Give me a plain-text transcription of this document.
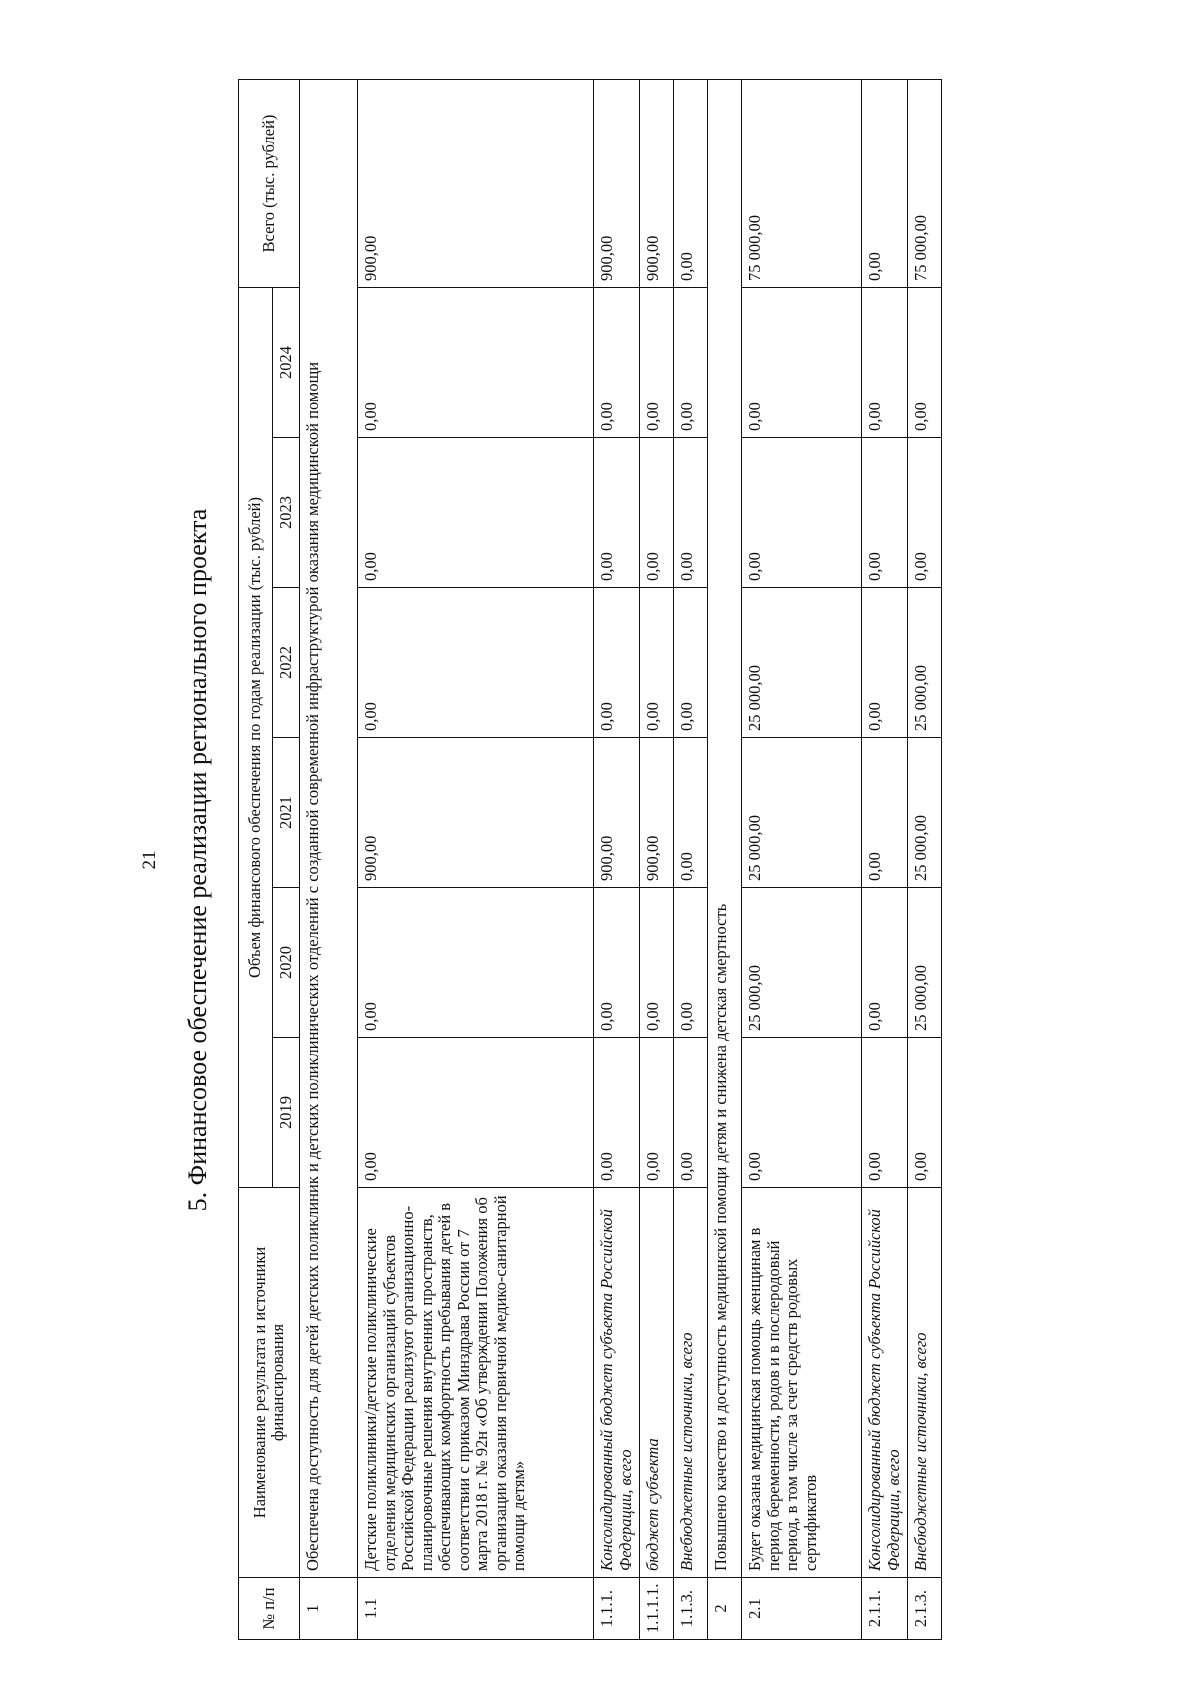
21 5. Финансовое обеспечение реализации регионального проекта
№ п/п	Наименование результата и источники финансирования	Объем финансового обеспечения по годам реализации (тыс. рублей)						Всего (тыс. рублей)
		2019	2020	2021	2022	2023	2024	
1	Обеспечена доступность для детей детских поликлиник и детских поликлинических отделений с созданной современной инфраструктурой оказания медицинской помощи							
1.1	Детские поликлиники/детские поликлинические отделения медицинских организаций субъектов Российской Федерации реализуют организационно-планировочные решения внутренних пространств, обеспечивающих комфортность пребывания детей в соответствии с приказом Минздрава России от 7 марта 2018 г. № 92н «Об утверждении Положения об организации оказания первичной медико-санитарной помощи детям»	0,00	0,00	900,00	0,00	0,00	0,00	900,00
1.1.1.	Консолидированный бюджет субъекта Российской Федерации, всего	0,00	0,00	900,00	0,00	0,00	0,00	900,00
1.1.1.1.	бюджет субъекта	0,00	0,00	900,00	0,00	0,00	0,00	900,00
1.1.3.	Внебюджетные источники, всего	0,00	0,00	0,00	0,00	0,00	0,00	0,00
2	Повышено качество и доступность медицинской помощи детям и снижена детская смертность							
2.1	Будет оказана медицинская помощь женщинам в период беременности, родов и в послеродовый период, в том числе за счет средств родовых сертификатов	0,00	25 000,00	25 000,00	25 000,00	0,00	0,00	75 000,00
2.1.1.	Консолидированный бюджет субъекта Российской Федерации, всего	0,00	0,00	0,00	0,00	0,00	0,00	0,00
2.1.3.	Внебюджетные источники, всего	0,00	25 000,00	25 000,00	25 000,00	0,00	0,00	75 000,00
